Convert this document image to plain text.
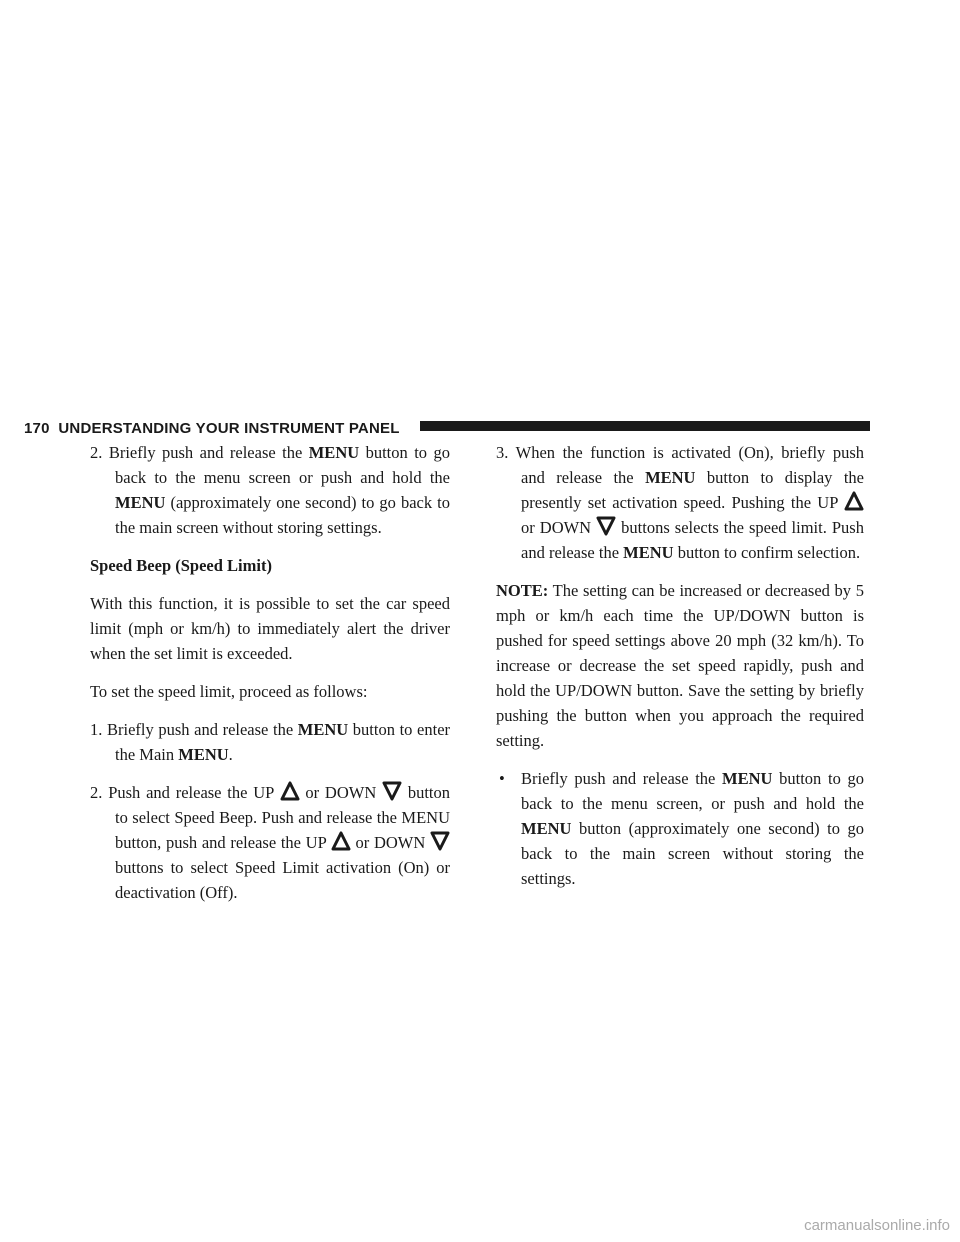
170 UNDERSTANDING YOUR INSTRUMENT PANEL
2. Briefly push and release the MENU button to go back to the menu screen or push and hold the MENU (approximately one second) to go back to the main screen without storing settings.
Speed Beep (Speed Limit)

With this function, it is possible to set the car speed limit (mph or km/h) to immediately alert the driver when the set limit is exceeded.

To set the speed limit, proceed as follows:

1. Briefly push and release the MENU button to enter the Main MENU.
2. Push and release the UP
or DOWN
button to select Speed Beep. Push and release the MENU button, push and release the UP
or DOWN
buttons to select Speed Limit activation (On) or deactivation (Off).
3. When the function is activated (On), briefly push and release the MENU button to display the presently set activation speed. Pushing the UP
or DOWN
buttons selects the speed limit. Push and release the MENU button to confirm selection.

NOTE: The setting can be increased or decreased by 5 mph or km/h each time the UP/DOWN button is pushed for speed settings above 20 mph (32 km/h). To increase or decrease the set speed rapidly, push and hold the UP/DOWN button. Save the setting by briefly pushing the button when you approach the required setting.

• Briefly push and release the MENU button to go back to the menu screen, or push and hold the MENU button (approximately one second) to go back to the main screen without storing the settings.
carmanualsonline.info
